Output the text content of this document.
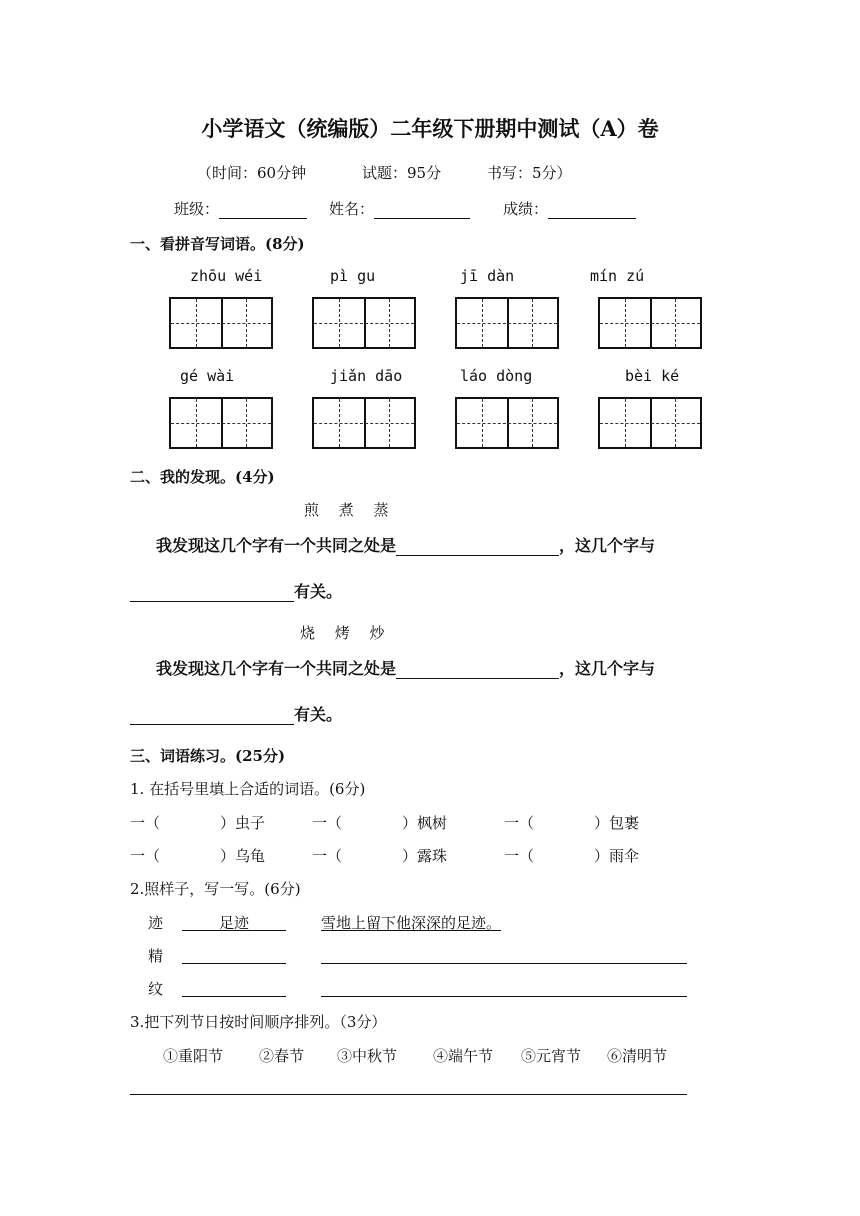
小学语文（统编版）二年级下册期中测试（A）卷
（时间：60分钟	试题：95分	书写：5分）
班级：	姓名：	成绩：
一、看拼音写词语。(8分)
zhōu wéi	pì gu	jī dàn	mín zú
gé wài	jiǎn dāo	láo dòng	bèi ké
二、我的发现。(4分)
煎　 煮　 蒸
我发现这几个字有一个共同之处是	，这几个字与
有关。
烧　 烤　 炒
我发现这几个字有一个共同之处是	，这几个字与
有关。
三、词语练习。(25分)
1. 在括号里填上合适的词语。(6分)
一（　　　　）虫子	一（　　　　）枫树	一（　　　　）包裹
一（　　　　）乌龟	一（　　　　）露珠	一（　　　　）雨伞
2.照样子，写一写。(6分)
迹	足迹	雪地上留下他深深的足迹。
精
纹
3.把下列节日按时间顺序排列。（3分）
①重阳节 ②春节 ③中秋节 ④端午节 ⑤元宵节 ⑥清明节
